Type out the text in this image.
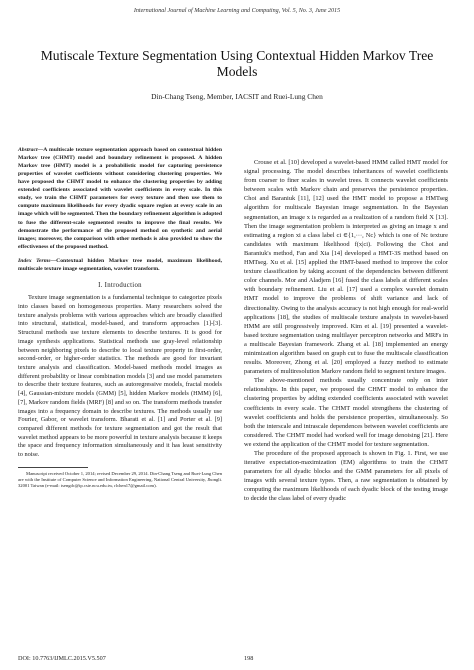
International Journal of Machine Learning and Computing, Vol. 5, No. 3, June 2015
Mutiscale Texture Segmentation Using Contextual Hidden Markov Tree Models
Din-Chang Tseng, Member, IACSIT and Ruei-Lung Chen

Abstract—A multiscale texture segmentation approach based on contextual hidden Markov tree (CHMT) model and boundary refinement is proposed. A hidden Markov tree (HMT) model is a probabilistic model for capturing persistence properties of wavelet coefficients without considering clustering properties. We have proposed the CHMT model to enhance the clustering properties by adding extended coefficients associated with wavelet coefficients in every scale. In this study, we train the CHMT parameters for every texture and then use them to compute maximum likelihoods for every dyadic square region at every scale in an image which will be segmented. Then the boundary refinement algorithm is adopted to fuse the different-scale segmented results to improve the final results. We demonstrate the performance of the proposed method on synthetic and aerial images; moreover, the comparison with other methods is also provided to show the effectiveness of the proposed method.

Index Terms—Contextual hidden Markov tree model, maximum likelihood, multiscale texture image segmentation, wavelet transform.

I. Introduction

Texture image segmentation is a fundamental technique to categorize pixels into classes based on homogeneous properties. Many researchers solved the texture analysis problems with various approaches which are broadly classified into structural, statistical, model-based, and transform approaches [1]-[3]. Structural methods use texture elements to describe textures. It is good for image synthesis applications. Statistical methods use gray-level relationship between neighboring pixels to describe to local texture property in first-order, second-order, or higher-order statistics. The methods are good for invariant texture analysis and classification. Model-based methods model images as different probability or linear combination models [3] and use model parameters to describe their texture features, such as autoregressive models, fractal models [4], Gaussian-mixture models (GMM) [5], hidden Markov models (HMM) [6], [7], Markov random fields (MRF) [8] and so on. The transform methods transfer images into a frequency domain to describe textures. The methods usually use Fourier, Gabor, or wavelet transform. Bharati et al. [1] and Porter et al. [9] compared different methods for texture segmentation and got the result that wavelet method appears to be more powerful in texture analysis because it keeps the space and frequency information simultaneously and it has least sensitivity to noise.

Manuscript received October 1, 2014; revised December 29, 2014. Din-Chang Tseng and Ruei-Lung Chen are with the Institute of Computer Science and Information Engineering, National Central University, Jhongli. 32001 Taiwan (e-mail: tsengdc@ip.csie.ncu.edu.tw, rlchen17@gmail.com).

Crouse et al. [10] developed a wavelet-based HMM called HMT model for signal processing. The model describes inheritances of wavelet coefficients from coarser to finer scales in wavelet trees. It connects wavelet coefficients between scales with Markov chain and preserves the persistence properties. Choi and Baraniuk [11], [12] used the HMT model to propose a HMTseg algorithm for multiscale Bayesian image segmentation. In the Bayesian segmentation, an image x is regarded as a realization of a random field X [13]. Then the image segmentation problem is interpreted as giving an image x and estimating a region xi a class label ci ∈{1,···, Nc} which is one of Nc texture candidates with maximum likelihood f(x|ci). Following the Choi and Baraniuk's method, Fan and Xia [14] developed a HMT-3S method based on HMTseg. Xu et al. [15] applied the HMT-based method to improve the color texture classification by taking account of the dependencies between different color channels. Mor and Aladjem [16] fused the class labels at different scales with boundary refinement. Liu et al. [17] used a complex wavelet domain HMT model to improve the problems of shift variance and lack of directionality. Owing to the analysis accuracy is not high enough for real-world applications [18], the studies of multiscale texture analysis in wavelet-based HMM are still progressively improved. Kim et al. [19] presented a wavelet-based texture segmentation using multilayer perceptron networks and MRFs in a multiscale Bayesian framework. Zhang et al. [18] implemented an energy minimization algorithm based on graph cut to fuse the multiscale classification results. Moreover, Zhong et al. [20] employed a fuzzy method to estimate parameters of multiresolution Markov random field to segment texture images.

The above-mentioned methods usually concentrate only on inter relationships. In this paper, we proposed the CHMT model to enhance the clustering properties by adding extended coefficients associated with wavelet coefficients in every scale. The CHMT model strengthens the clustering of wavelet coefficients and holds the persistence properties, simultaneously. So both the interscale and intrascale dependences between wavelet coefficients are considered. The CHMT model had worked well for image denoising [21]. Here we extend the application of the CHMT model for texture segmentation.

The procedure of the proposed approach is shown in Fig. 1. First, we use iterative expectation-maximization (EM) algorithms to train the CHMT parameters for all dyadic blocks and the GMM parameters for all pixels of images with several texture types. Then, a raw segmentation is obtained by computing the maximum likelihoods of each dyadic block of the testing image to decide the class label of every dyadic

DOI: 10.7763/IJMLC.2015.V5.507	198
